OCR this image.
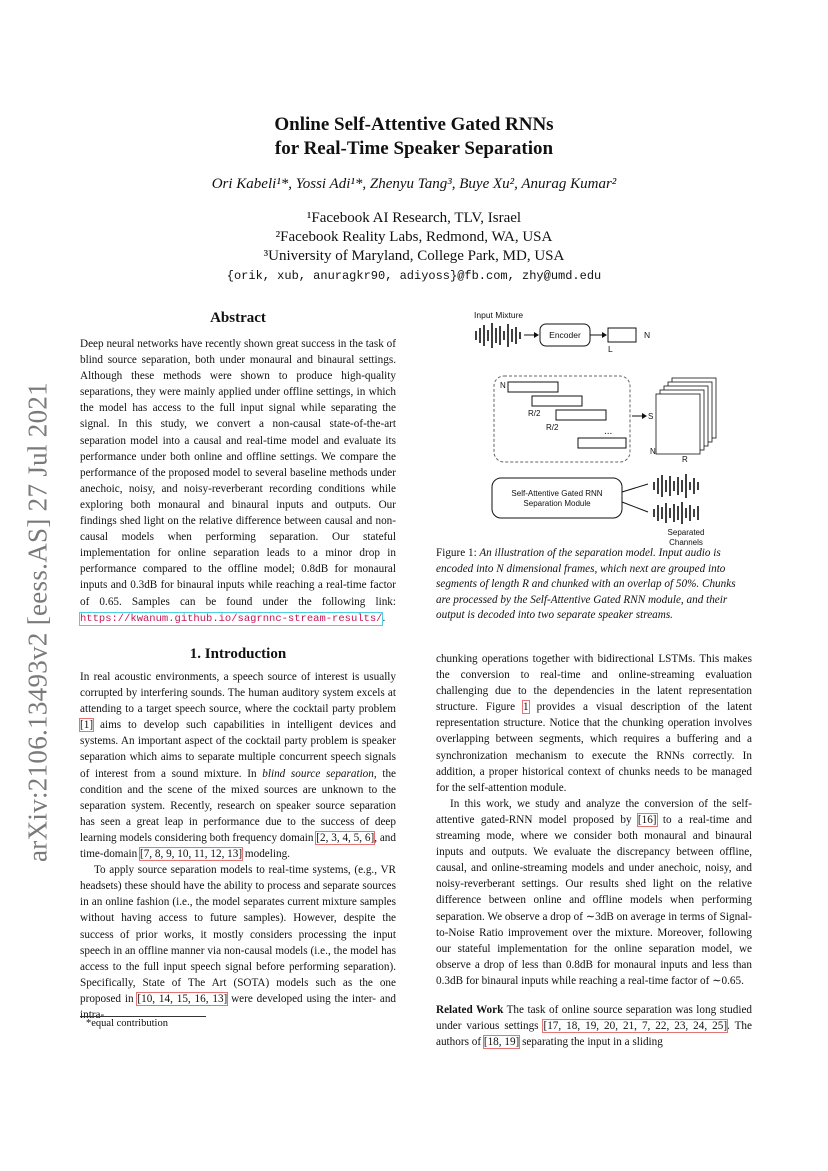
arXiv:2106.13493v2 [eess.AS] 27 Jul 2021
Online Self-Attentive Gated RNNs
for Real-Time Speaker Separation
Ori Kabeli¹*, Yossi Adi¹*, Zhenyu Tang³, Buye Xu², Anurag Kumar²
¹Facebook AI Research, TLV, Israel
²Facebook Reality Labs, Redmond, WA, USA
³University of Maryland, College Park, MD, USA
{orik, xub, anuragkr90, adiyoss}@fb.com, zhy@umd.edu
Abstract

Deep neural networks have recently shown great success in the task of blind source separation, both under monaural and binaural settings. Although these methods were shown to produce high-quality separations, they were mainly applied under offline settings, in which the model has access to the full input signal while separating the signal. In this study, we convert a non-causal state-of-the-art separation model into a causal and real-time model and evaluate its performance under both online and offline settings. We compare the performance of the proposed model to several baseline methods under anechoic, noisy, and noisy-reverberant recording conditions while exploring both monaural and binaural inputs and outputs. Our findings shed light on the relative difference between causal and non-causal models when performing separation. Our stateful implementation for online separation leads to a minor drop in performance compared to the offline model; 0.8dB for monaural inputs and 0.3dB for binaural inputs while reaching a real-time factor of 0.65. Samples can be found under the following link: https://kwanum.github.io/sagrnnc-stream-results/.

1. Introduction

In real acoustic environments, a speech source of interest is usually corrupted by interfering sounds. The human auditory system excels at attending to a target speech source, where the cocktail party problem [1] aims to develop such capabilities in intelligent devices and systems. An important aspect of the cocktail party problem is speaker separation which aims to separate multiple concurrent speech signals of interest from a sound mixture. In blind source separation, the condition and the scene of the mixed sources are unknown to the separation system. Recently, research on speaker source separation has seen a great leap in performance due to the success of deep learning models considering both frequency domain [2, 3, 4, 5, 6], and time-domain [7, 8, 9, 10, 11, 12, 13] modeling.

To apply source separation models to real-time systems, (e.g., VR headsets) these should have the ability to process and separate sources in an online fashion (i.e., the model separates current mixture samples without having access to future samples). However, despite the success of prior works, it mostly considers processing the input speech in an offline manner via non-causal models (i.e., the model has access to the full input speech signal before performing separation). Specifically, State of The Art (SOTA) models such as the one proposed in [10, 14, 15, 16, 13] were developed using the inter- and intra-

*equal contribution
Input Mixture
Encoder	N
L
N
R/2
R/2	...
S
N
R
Self-Attentive Gated RNN
Separation Module
Separated
Channels
Figure 1: An illustration of the separation model. Input audio is encoded into N dimensional frames, which next are grouped into segments of length R and chunked with an overlap of 50%. Chunks are processed by the Self-Attentive Gated RNN module, and their output is decoded into two separate speaker streams.

chunking operations together with bidirectional LSTMs. This makes the conversion to real-time and online-streaming evaluation challenging due to the dependencies in the latent representation structure. Figure 1 provides a visual description of the latent representation structure. Notice that the chunking operation involves overlapping between segments, which requires a buffering and a synchronization mechanism to execute the RNNs correctly. In addition, a proper historical context of chunks needs to be managed for the self-attention module.

In this work, we study and analyze the conversion of the self-attentive gated-RNN model proposed by [16] to a real-time and streaming mode, where we consider both monaural and binaural inputs and outputs. We evaluate the discrepancy between offline, causal, and online-streaming models and under anechoic, noisy, and noisy-reverberant settings. Our results shed light on the relative difference between online and offline models when performing separation. We observe a drop of ∼3dB on average in terms of Signal-to-Noise Ratio improvement over the mixture. Moreover, following our stateful implementation for the online separation model, we observe a drop of less than 0.8dB for monaural inputs and less than 0.3dB for binaural inputs while reaching a real-time factor of ∼0.65.

Related Work The task of online source separation was long studied under various settings [17, 18, 19, 20, 21, 7, 22, 23, 24, 25]. The authors of [18, 19] separating the input in a sliding
